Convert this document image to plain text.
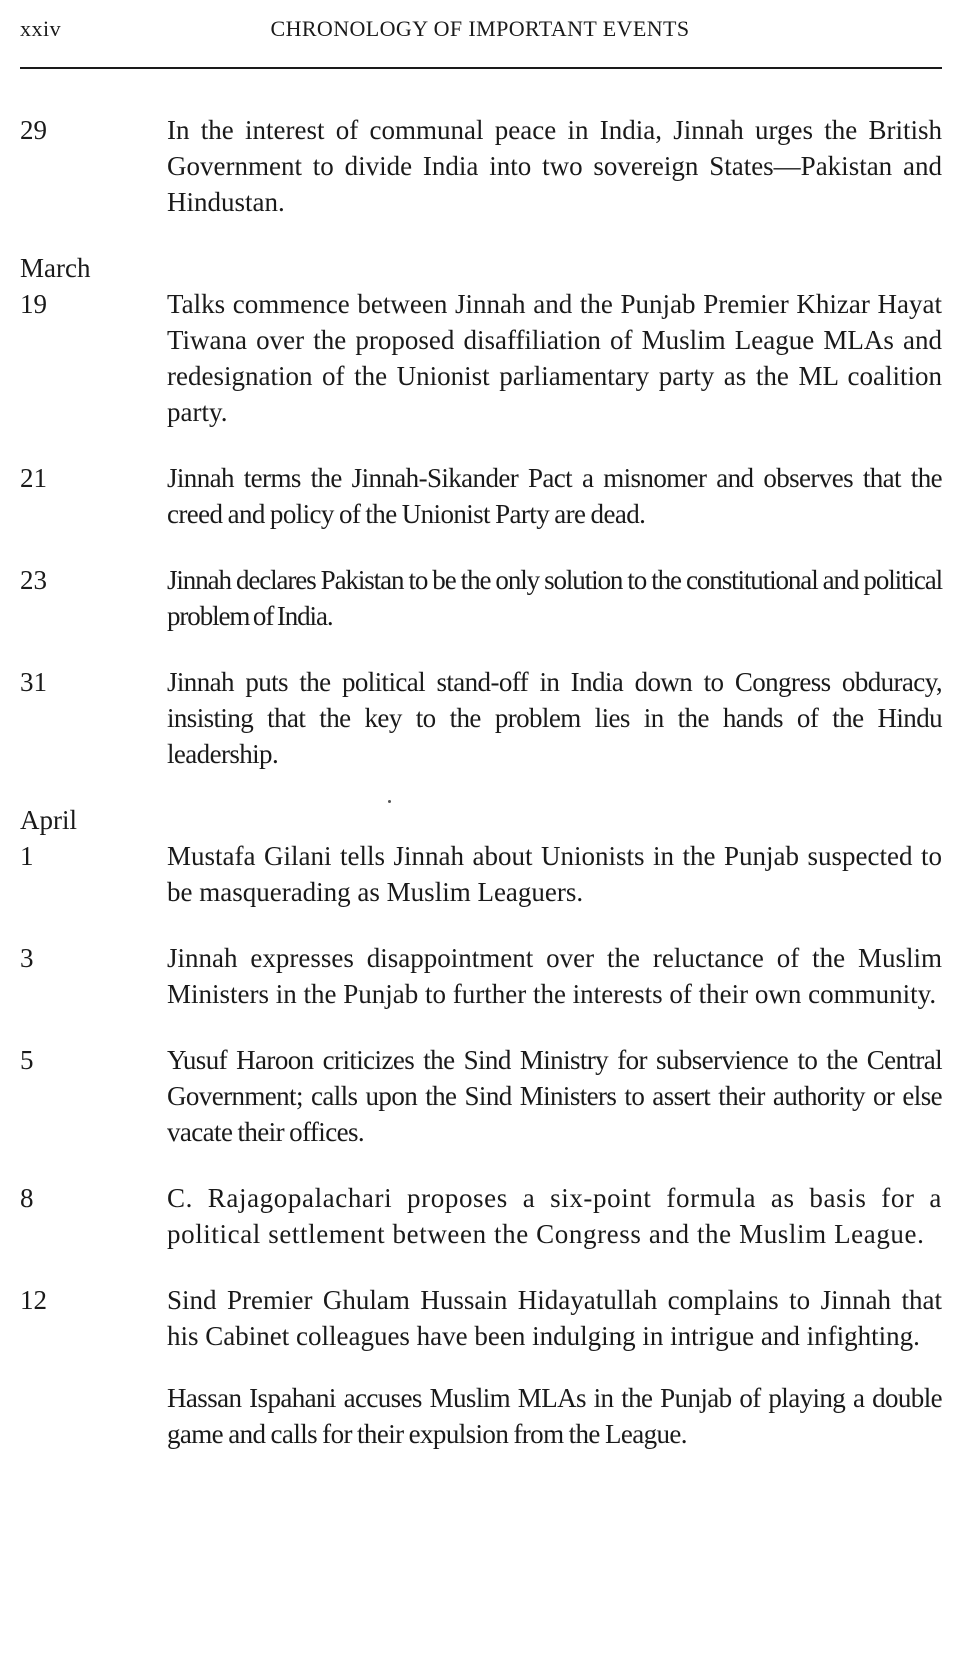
xxiv	CHRONOLOGY OF IMPORTANT EVENTS
29	In the interest of communal peace in India, Jinnah urges the British Government to divide India into two sovereign States—Pakistan and Hindustan.
March
19	Talks commence between Jinnah and the Punjab Premier Khizar Hayat Tiwana over the proposed disaffiliation of Muslim League MLAs and redesignation of the Unionist parliamentary party as the ML coalition party.
21	Jinnah terms the Jinnah-Sikander Pact a misnomer and observes that the creed and policy of the Unionist Party are dead.
23	Jinnah declares Pakistan to be the only solution to the constitutional and political problem of India.
31	Jinnah puts the political stand-off in India down to Congress obduracy, insisting that the key to the problem lies in the hands of the Hindu leadership.
April
1	Mustafa Gilani tells Jinnah about Unionists in the Punjab suspected to be masquerading as Muslim Leaguers.
3	Jinnah expresses disappointment over the reluctance of the Muslim Ministers in the Punjab to further the interests of their own community.
5	Yusuf Haroon criticizes the Sind Ministry for subservience to the Central Government; calls upon the Sind Ministers to assert their authority or else vacate their offices.
8	C. Rajagopalachari proposes a six-point formula as basis for a political settlement between the Congress and the Muslim League.
12	Sind Premier Ghulam Hussain Hidayatullah complains to Jinnah that his Cabinet colleagues have been indulging in intrigue and infighting.
Hassan Ispahani accuses Muslim MLAs in the Punjab of playing a double game and calls for their expulsion from the League.
